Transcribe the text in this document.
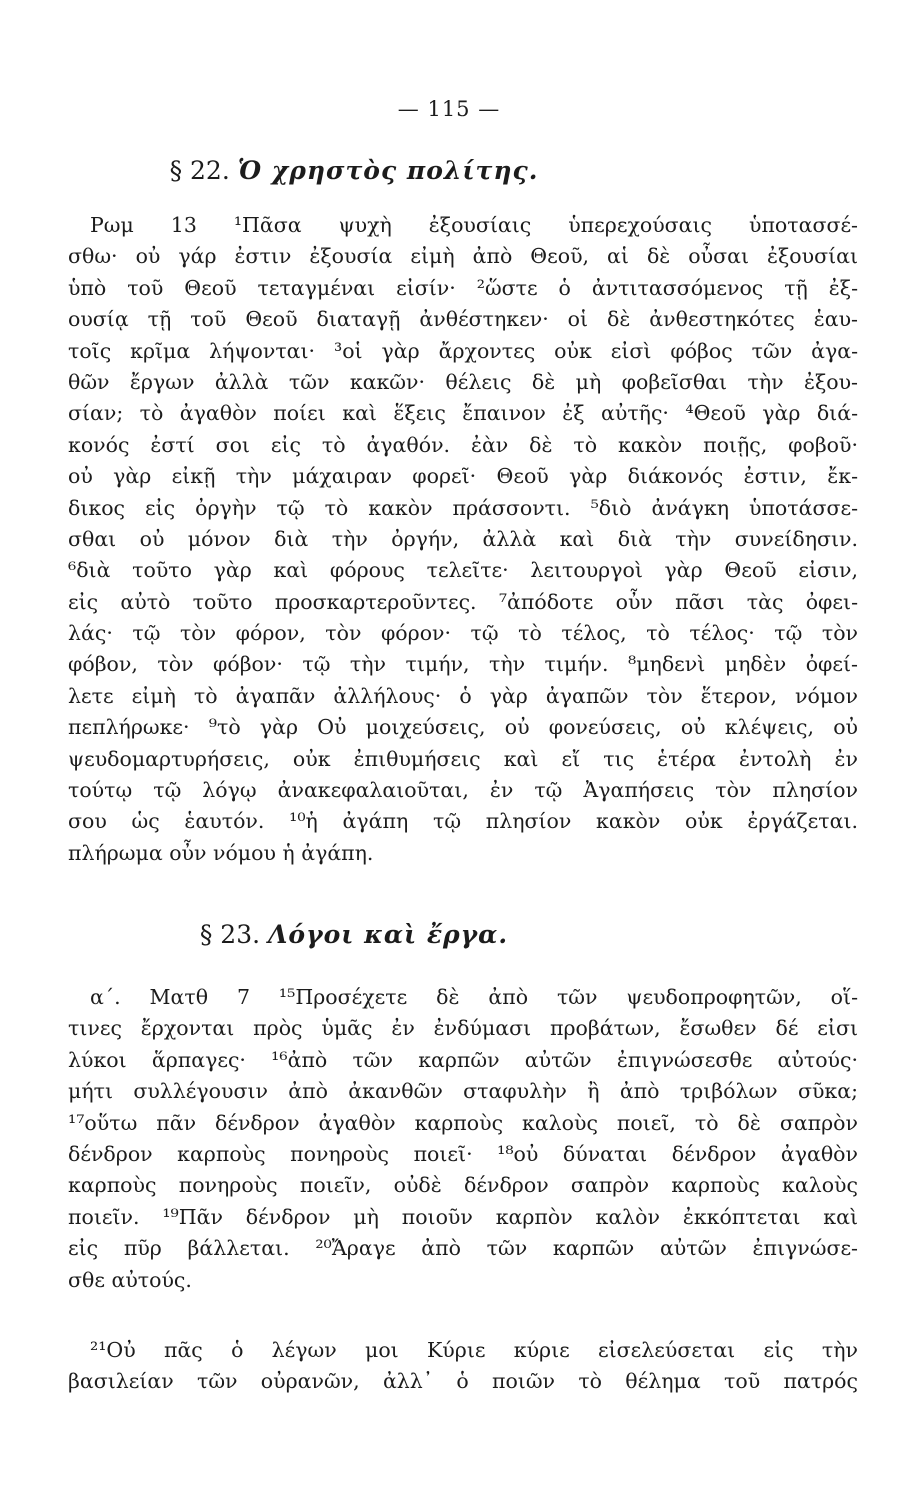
— 115 —
§ 22. Ὁ χρηστὸς πολίτης.
Ρωμ 13 ¹Πᾶσα ψυχὴ ἐξουσίαις ὑπερεχούσαις ὑποτασσέ-
σθω· οὐ γάρ ἐστιν ἐξουσία εἰμὴ ἀπὸ Θεοῦ, αἱ δὲ οὖσαι ἐξουσίαι
ὑπὸ τοῦ Θεοῦ τεταγμέναι εἰσίν· ²ὥστε ὁ ἀντιτασσόμενος τῇ ἐξ-
ουσίᾳ τῇ τοῦ Θεοῦ διαταγῇ ἀνθέστηκεν· οἱ δὲ ἀνθεστηκότες ἑαυ-
τοῖς κρῖμα λήψονται· ³οἱ γὰρ ἄρχοντες οὐκ εἰσὶ φόβος τῶν ἀγα-
θῶν ἔργων ἀλλὰ τῶν κακῶν· θέλεις δὲ μὴ φοβεῖσθαι τὴν ἐξου-
σίαν; τὸ ἀγαθὸν ποίει καὶ ἕξεις ἔπαινον ἐξ αὐτῆς· ⁴Θεοῦ γὰρ διά-
κονός ἐστί σοι εἰς τὸ ἀγαθόν. ἐὰν δὲ τὸ κακὸν ποιῇς, φοβοῦ·
οὐ γὰρ εἰκῇ τὴν μάχαιραν φορεῖ· Θεοῦ γὰρ διάκονός ἐστιν, ἔκ-
δικος εἰς ὀργὴν τῷ τὸ κακὸν πράσσοντι. ⁵διὸ ἀνάγκη ὑποτάσσε-
σθαι οὐ μόνον διὰ τὴν ὀργήν, ἀλλὰ καὶ διὰ τὴν συνείδησιν.
⁶διὰ τοῦτο γὰρ καὶ φόρους τελεῖτε· λειτουργοὶ γὰρ Θεοῦ εἰσιν,
εἰς αὐτὸ τοῦτο προσκαρτεροῦντες. ⁷ἀπόδοτε οὖν πᾶσι τὰς ὀφει-
λάς· τῷ τὸν φόρον, τὸν φόρον· τῷ τὸ τέλος, τὸ τέλος· τῷ τὸν
φόβον, τὸν φόβον· τῷ τὴν τιμήν, τὴν τιμήν. ⁸μηδενὶ μηδὲν ὀφεί-
λετε εἰμὴ τὸ ἀγαπᾶν ἀλλήλους· ὁ γὰρ ἀγαπῶν τὸν ἕτερον, νόμον
πεπλήρωκε· ⁹τὸ γὰρ Οὐ μοιχεύσεις, οὐ φονεύσεις, οὐ κλέψεις, οὐ
ψευδομαρτυρήσεις, οὐκ ἐπιθυμήσεις καὶ εἴ τις ἑτέρα ἐντολὴ ἐν
τούτῳ τῷ λόγῳ ἀνακεφαλαιοῦται, ἐν τῷ Ἀγαπήσεις τὸν πλησίον
σου ὡς ἑαυτόν. ¹⁰ἡ ἀγάπη τῷ πλησίον κακὸν οὐκ ἐργάζεται.
πλήρωμα οὖν νόμου ἡ ἀγάπη.
§ 23. Λόγοι καὶ ἔργα.
α΄. Ματθ 7 ¹⁵Προσέχετε δὲ ἀπὸ τῶν ψευδοπροφητῶν, οἵ-
τινες ἔρχονται πρὸς ὑμᾶς ἐν ἐνδύμασι προβάτων, ἔσωθεν δέ εἰσι
λύκοι ἅρπαγες· ¹⁶ἀπὸ τῶν καρπῶν αὐτῶν ἐπιγνώσεσθε αὐτούς·
μήτι συλλέγουσιν ἀπὸ ἀκανθῶν σταφυλὴν ἢ ἀπὸ τριβόλων σῦκα;
¹⁷οὕτω πᾶν δένδρον ἀγαθὸν καρποὺς καλοὺς ποιεῖ, τὸ δὲ σαπρὸν
δένδρον καρποὺς πονηροὺς ποιεῖ· ¹⁸οὐ δύναται δένδρον ἀγαθὸν
καρποὺς πονηροὺς ποιεῖν, οὐδὲ δένδρον σαπρὸν καρποὺς καλοὺς
ποιεῖν. ¹⁹Πᾶν δένδρον μὴ ποιοῦν καρπὸν καλὸν ἐκκόπτεται καὶ
εἰς πῦρ βάλλεται. ²⁰Ἄραγε ἀπὸ τῶν καρπῶν αὐτῶν ἐπιγνώσε-
σθε αὐτούς.
²¹Οὐ πᾶς ὁ λέγων μοι Κύριε κύριε εἰσελεύσεται εἰς τὴν
βασιλείαν τῶν οὐρανῶν, ἀλλ᾽ ὁ ποιῶν τὸ θέλημα τοῦ πατρός
